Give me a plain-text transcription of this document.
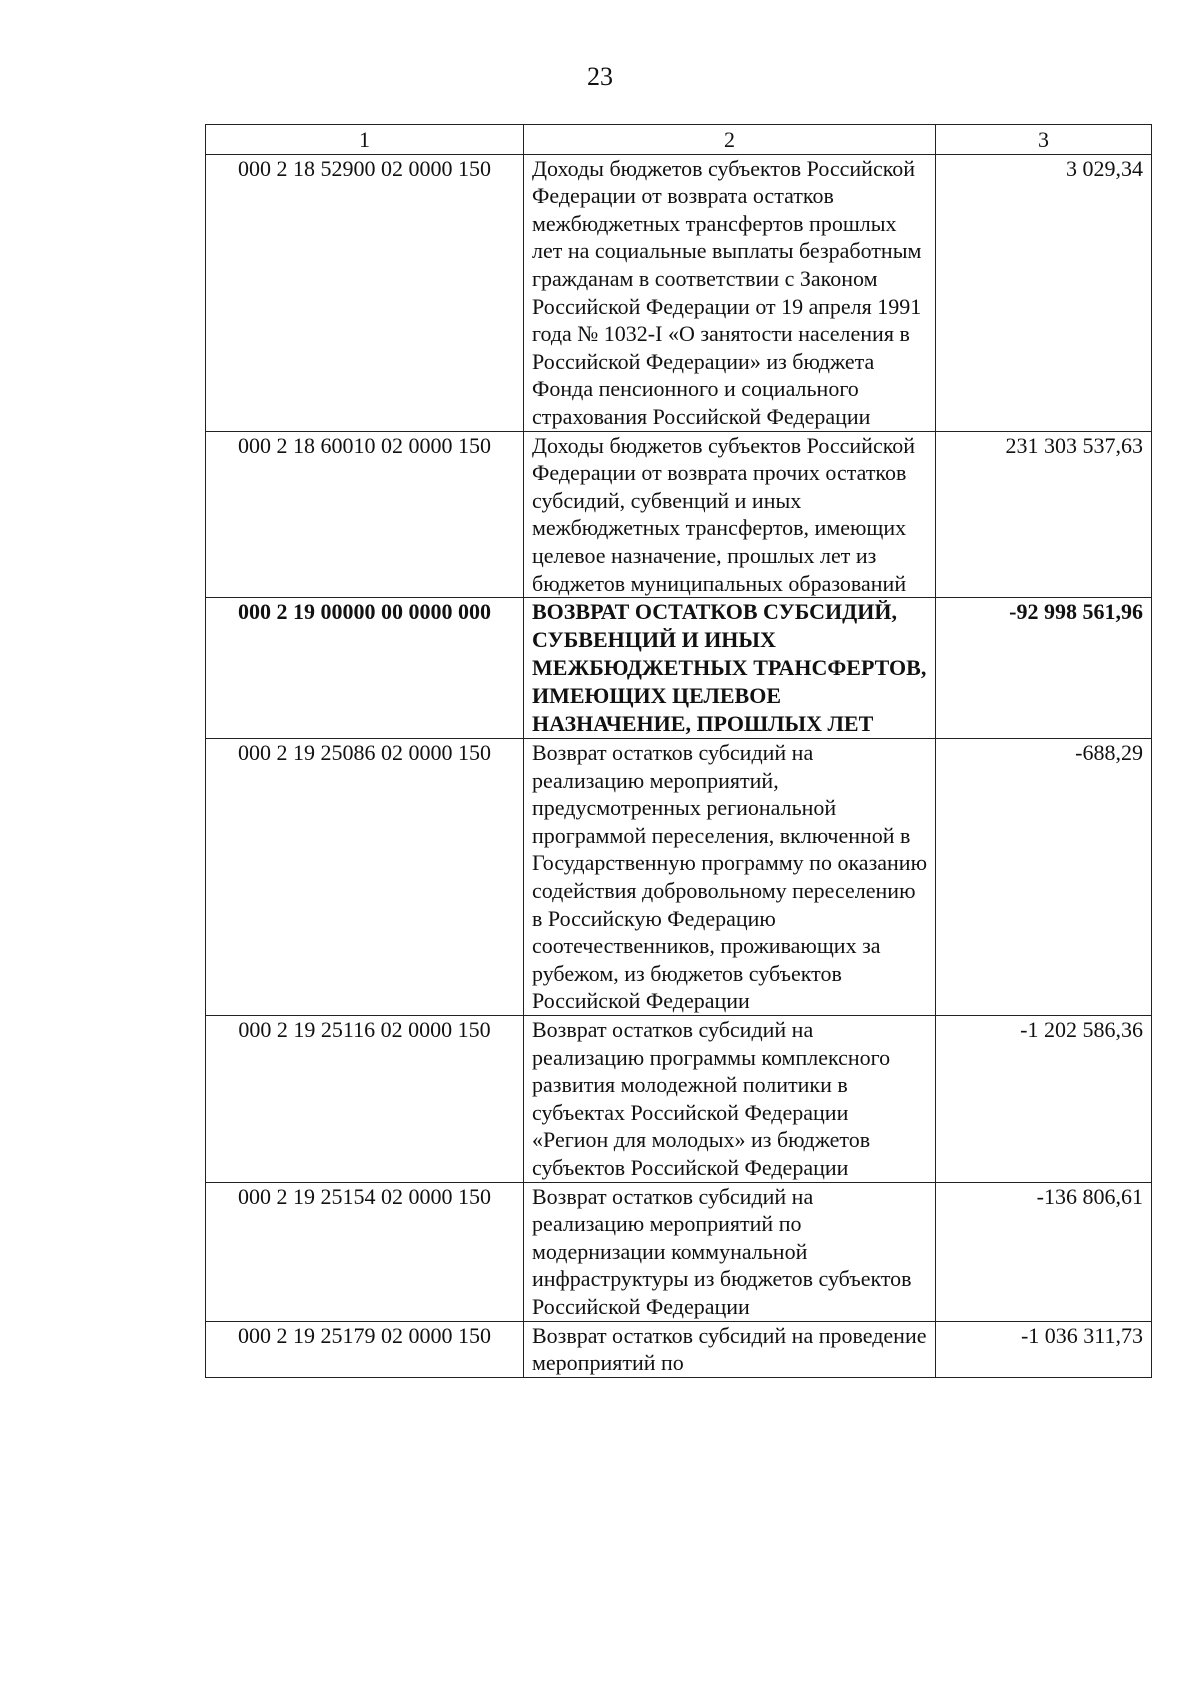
23
1	2	3
000 2 18 52900 02 0000 150	Доходы бюджетов субъектов Российской Федерации от возврата остатков межбюджетных трансфертов прошлых лет на социальные выплаты безработным гражданам в соответствии с Законом Российской Федерации от 19 апреля 1991 года № 1032-I «О занятости населения в Российской Федерации» из бюджета Фонда пенсионного и социального страхования Российской Федерации	3 029,34
000 2 18 60010 02 0000 150	Доходы бюджетов субъектов Российской Федерации от возврата прочих остатков субсидий, субвенций и иных межбюджетных трансфертов, имеющих целевое назначение, прошлых лет из бюджетов муниципальных образований	231 303 537,63
000 2 19 00000 00 0000 000	ВОЗВРАТ ОСТАТКОВ СУБСИДИЙ, СУБВЕНЦИЙ И ИНЫХ МЕЖБЮДЖЕТНЫХ ТРАНСФЕРТОВ, ИМЕЮЩИХ ЦЕЛЕВОЕ НАЗНАЧЕНИЕ, ПРОШЛЫХ ЛЕТ	-92 998 561,96
000 2 19 25086 02 0000 150	Возврат остатков субсидий на реализацию мероприятий, предусмотренных региональной программой переселения, включенной в Государственную программу по оказанию содействия добровольному переселению в Российскую Федерацию соотечественников, проживающих за рубежом, из бюджетов субъектов Российской Федерации	-688,29
000 2 19 25116 02 0000 150	Возврат остатков субсидий на реализацию программы комплексного развития молодежной политики в субъектах Российской Федерации «Регион для молодых» из бюджетов субъектов Российской Федерации	-1 202 586,36
000 2 19 25154 02 0000 150	Возврат остатков субсидий на реализацию мероприятий по модернизации коммунальной инфраструктуры из бюджетов субъектов Российской Федерации	-136 806,61
000 2 19 25179 02 0000 150	Возврат остатков субсидий на проведение мероприятий по	-1 036 311,73
